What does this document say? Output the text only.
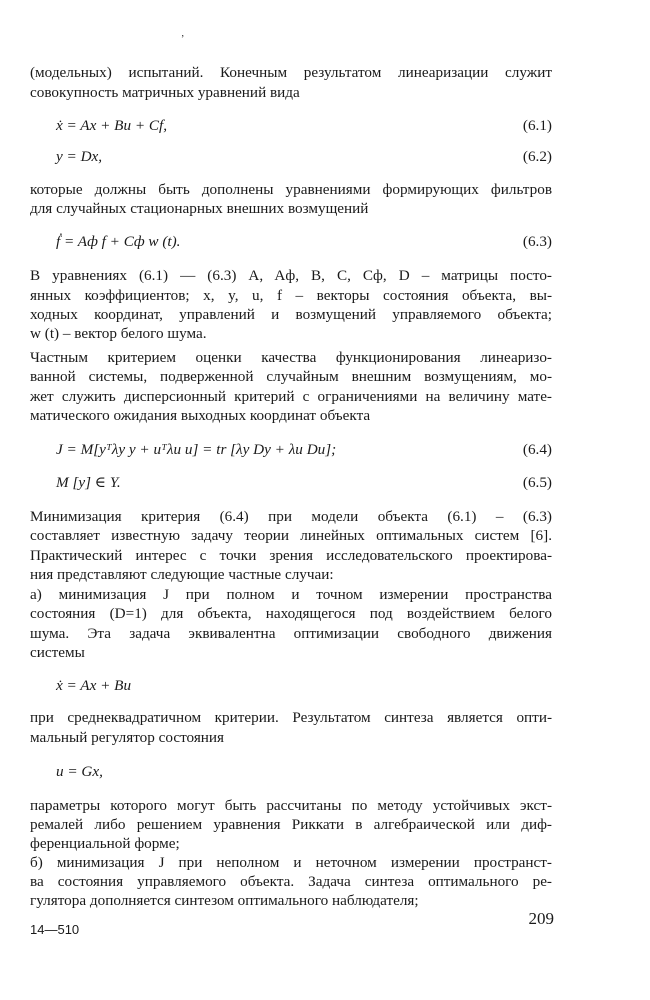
’
(модельных) испытаний. Конечным результатом линеаризации служит
совокупность матричных уравнений вида
ẋ = Ax + Bu + Cf,	(6.1)
y = Dx,	(6.2)
которые должны быть дополнены уравнениями формирующих фильтров
для случайных стационарных внешних возмущений
ḟ = Aф f + Cф w (t).	(6.3)
В уравнениях (6.1) — (6.3) A, Aф, B, C, Cф, D – матрицы посто-
янных коэффициентов; x, y, u, f – векторы состояния объекта, вы-
ходных координат, управлений и возмущений управляемого объекта;
w (t) – вектор белого шума.
Частным критерием оценки качества функционирования линеаризо-
ванной системы, подверженной случайным внешним возмущениям, мо-
жет служить дисперсионный критерий с ограничениями на величину мате-
матического ожидания выходных координат объекта
J = M[yᵀλy y + uᵀλu u] = tr [λy Dy + λu Du];	(6.4)
M [y] ∈ Y.	(6.5)
Минимизация критерия (6.4) при модели объекта (6.1) – (6.3)
составляет известную задачу теории линейных оптимальных систем [6].
Практический интерес с точки зрения исследовательского проектирова-
ния представляют следующие частные случаи:
а) минимизация J при полном и точном измерении пространства
состояния (D=1) для объекта, находящегося под воздействием белого
шума. Эта задача эквивалентна оптимизации свободного движения
системы
ẋ = Ax + Bu
при среднеквадратичном критерии. Результатом синтеза является опти-
мальный регулятор состояния
u = Gx,
параметры которого могут быть рассчитаны по методу устойчивых экст-
ремалей либо решением уравнения Риккати в алгебраической или диф-
ференциальной форме;
б) минимизация J при неполном и неточном измерении пространст-
ва состояния управляемого объекта. Задача синтеза оптимального ре-
гулятора дополняется синтезом оптимального наблюдателя;
14—510
209
